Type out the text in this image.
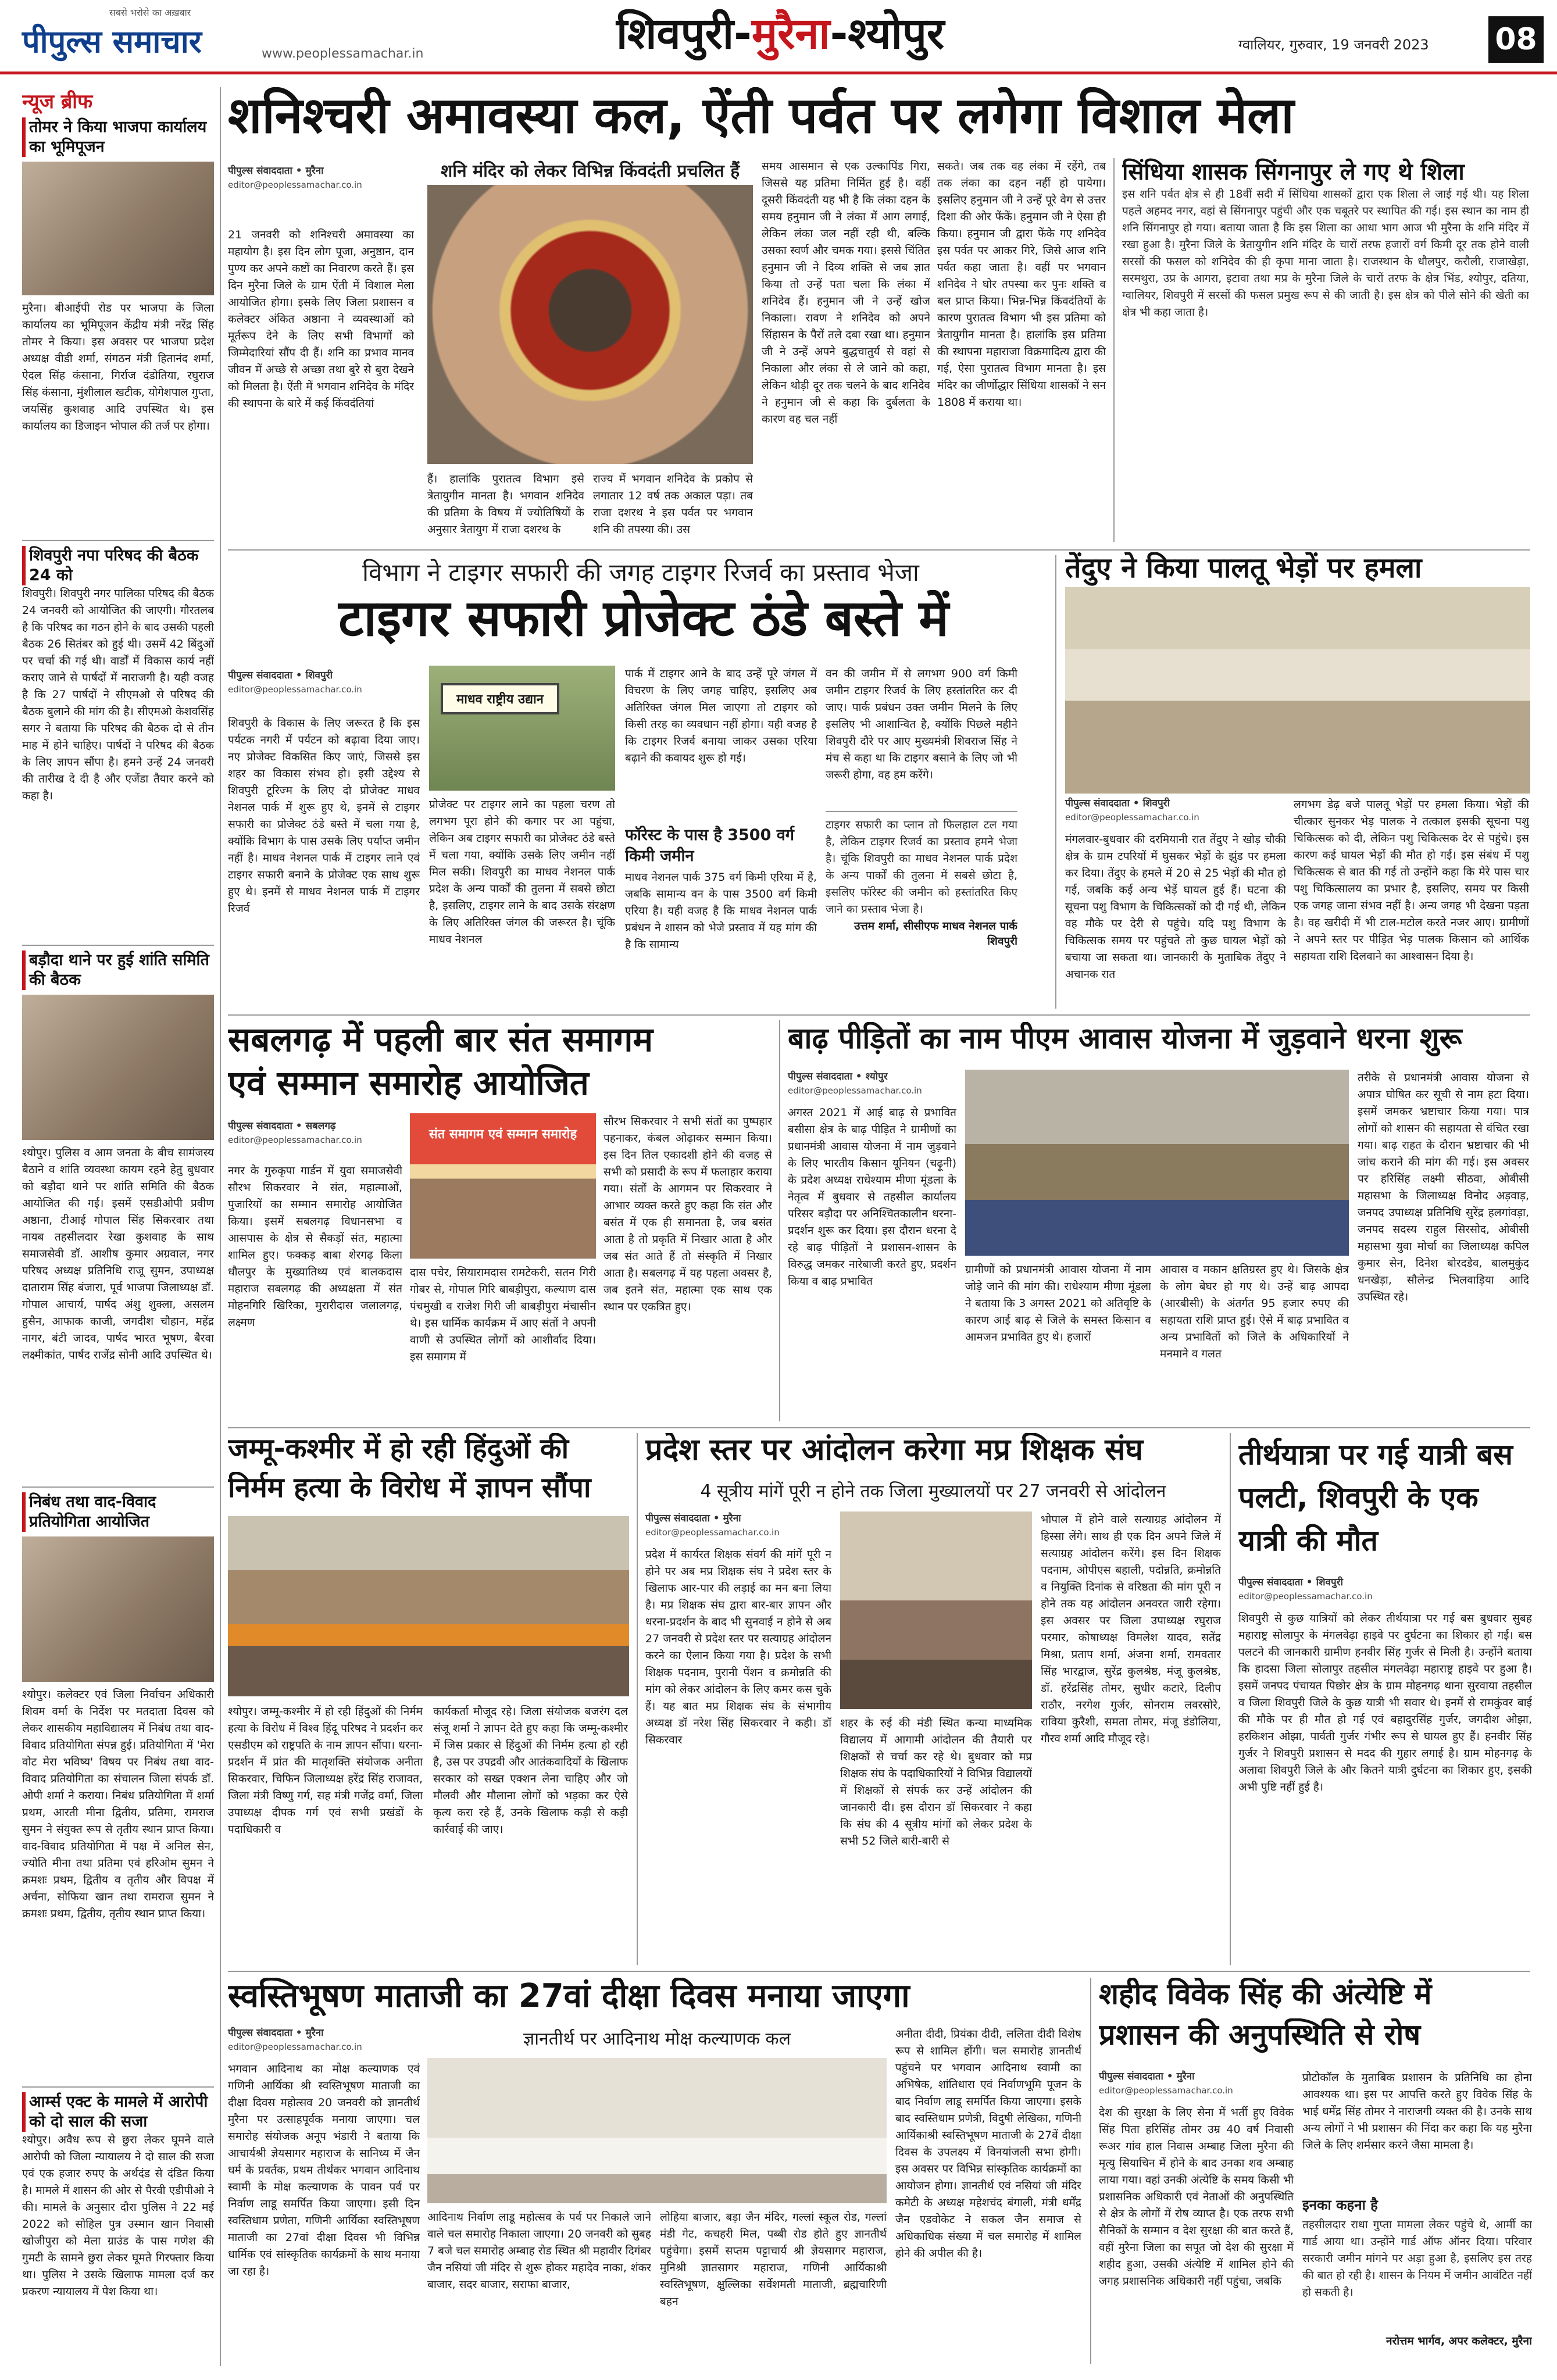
सबसे भरोसे का अख़बार
पीपुल्स समाचार	www.peoplessamachar.in	शिवपुरी-मुरैना-श्योपुर	ग्वालियर, गुरुवार, 19 जनवरी 2023 08
न्यूज ब्रीफ
तोमर ने किया भाजपा कार्यालय का भूमिपूजन
मुरैना। बीआईपी रोड पर भाजपा के जिला कार्यालय का भूमिपूजन केंद्रीय मंत्री नरेंद्र सिंह तोमर ने किया। इस अवसर पर भाजपा प्रदेश अध्यक्ष वीडी शर्मा, संगठन मंत्री हितानंद शर्मा, ऐदल सिंह कंसाना, गिर्राज दंडोतिया, रघुराज सिंह कंसाना, मुंशीलाल खटीक, योगेशपाल गुप्ता, जयसिंह कुशवाह आदि उपस्थित थे। इस कार्यालय का डिजाइन भोपाल की तर्ज पर होगा।
शिवपुरी नपा परिषद की बैठक 24 को
शिवपुरी। शिवपुरी नगर पालिका परिषद की बैठक 24 जनवरी को आयोजित की जाएगी। गौरतलब है कि परिषद का गठन होने के बाद उसकी पहली बैठक 26 सितंबर को हुई थी। उसमें 42 बिंदुओं पर चर्चा की गई थी। वार्डों में विकास कार्य नहीं कराए जाने से पार्षदों में नाराजगी है। यही वजह है कि 27 पार्षदों ने सीएमओ से परिषद की बैठक बुलाने की मांग की है। सीएमओ केशवसिंह सगर ने बताया कि परिषद की बैठक दो से तीन माह में होने चाहिए। पार्षदों ने परिषद की बैठक के लिए ज्ञापन सौंपा है। हमने उन्हें 24 जनवरी की तारीख दे दी है और एजेंडा तैयार करने को कहा है।
बड़ौदा थाने पर हुई शांति समिति की बैठक
श्योपुर। पुलिस व आम जनता के बीच सामंजस्य बैठाने व शांति व्यवस्था कायम रहने हेतु बुधवार को बड़ौदा थाने पर शांति समिति की बैठक आयोजित की गई। इसमें एसडीओपी प्रवीण अष्ठाना, टीआई गोपाल सिंह सिकरवार तथा नायब तहसीलदार रेखा कुशवाह के साथ समाजसेवी डॉ. आशीष कुमार अग्रवाल, नगर परिषद अध्यक्ष प्रतिनिधि राजू सुमन, उपाध्यक्ष दाताराम सिंह बंजारा, पूर्व भाजपा जिलाध्यक्ष डॉ. गोपाल आचार्य, पार्षद अंशु शुक्ला, असलम हुसैन, आफाक काजी, जगदीश चौहान, महेंद्र नागर, बंटी जादव, पार्षद भारत भूषण, बैरवा लक्ष्मीकांत, पार्षद राजेंद्र सोनी आदि उपस्थित थे।
निबंध तथा वाद-विवाद प्रतियोगिता आयोजित
श्योपुर। कलेक्टर एवं जिला निर्वाचन अधिकारी शिवम वर्मा के निर्देश पर मतदाता दिवस को लेकर शासकीय महाविद्यालय में निबंध तथा वाद-विवाद प्रतियोगिता संपन्न हुई। प्रतियोगिता में 'मेरा वोट मेरा भविष्य' विषय पर निबंध तथा वाद-विवाद प्रतियोगिता का संचालन जिला संपर्क डॉ. ओपी शर्मा ने कराया। निबंध प्रतियोगिता में शर्मा प्रथम, आरती मीना द्वितीय, प्रतिमा, रामराज सुमन ने संयुक्त रूप से तृतीय स्थान प्राप्त किया। वाद-विवाद प्रतियोगिता में पक्ष में अनिल सेन, ज्योति मीना तथा प्रतिमा एवं हरिओम सुमन ने क्रमशः प्रथम, द्वितीय व तृतीय और विपक्ष में अर्चना, सोफिया खान तथा रामराज सुमन ने क्रमशः प्रथम, द्वितीय, तृतीय स्थान प्राप्त किया।
आर्म्स एक्ट के मामले में आरोपी को दो साल की सजा
श्योपुर। अवैध रूप से छुरा लेकर घूमने वाले आरोपी को जिला न्यायालय ने दो साल की सजा एवं एक हजार रुपए के अर्थदंड से दंडित किया है। मामले में शासन की ओर से पैरवी एडीपीओ ने की। मामले के अनुसार दौरा पुलिस ने 22 मई 2022 को सोहिल पुत्र उस्मान खान निवासी खोजीपुरा को मेला ग्राउंड के पास गणेश की गुमटी के सामने छुरा लेकर घूमते गिरफ्तार किया था। पुलिस ने उसके खिलाफ मामला दर्ज कर प्रकरण न्यायालय में पेश किया था।
शनिश्चरी अमावस्या कल, ऐंती पर्वत पर लगेगा विशाल मेला
पीपुल्स संवाददाता • मुरैना
editor@peoplessamachar.co.in
21 जनवरी को शनिश्चरी अमावस्या का महायोग है। इस दिन लोग पूजा, अनुष्ठान, दान पुण्य कर अपने कष्टों का निवारण करते हैं। इस दिन मुरैना जिले के ग्राम ऐंती में विशाल मेला आयोजित होगा। इसके लिए जिला प्रशासन व कलेक्टर अंकित अष्ठाना ने व्यवस्थाओं को मूर्तरूप देने के लिए सभी विभागों को जिम्मेदारियां सौंप दी हैं। शनि का प्रभाव मानव जीवन में अच्छे से अच्छा तथा बुरे से बुरा देखने को मिलता है। ऐंती में भगवान शनिदेव के मंदिर की स्थापना के बारे में कई किंवदंतियां
शनि मंदिर को लेकर विभिन्न किंवदंती प्रचलित हैं
हैं। हालांकि पुरातत्व विभाग इसे त्रेतायुगीन मानता है। भगवान शनिदेव की प्रतिमा के विषय में ज्योतिषियों के अनुसार त्रेतायुग में राजा दशरथ के
राज्य में भगवान शनिदेव के प्रकोप से लगातार 12 वर्ष तक अकाल पड़ा। तब राजा दशरथ ने इस पर्वत पर भगवान शनि की तपस्या की। उस
समय आसमान से एक उल्कापिंड गिरा, जिससे यह प्रतिमा निर्मित हुई है। वहीं दूसरी किंवदंती यह भी है कि लंका दहन के समय हनुमान जी ने लंका में आग लगाई, लेकिन लंका जल नहीं रही थी, बल्कि उसका स्वर्ण और चमक गया। इससे चिंतित हनुमान जी ने दिव्य शक्ति से जब ज्ञात किया तो उन्हें पता चला कि लंका में शनिदेव हैं। हनुमान जी ने उन्हें खोज निकाला। रावण ने शनिदेव को अपने सिंहासन के पैरों तले दबा रखा था। हनुमान जी ने उन्हें अपने बुद्धचातुर्य से वहां से निकाला और लंका से ले जाने को कहा, लेकिन थोड़ी दूर तक चलने के बाद शनिदेव ने हनुमान जी से कहा कि दुर्बलता के कारण वह चल नहीं
सकते। जब तक वह लंका में रहेंगे, तब तक लंका का दहन नहीं हो पायेगा। इसलिए हनुमान जी ने उन्हें पूरे वेग से उत्तर दिशा की ओर फेंकें। हनुमान जी ने ऐसा ही किया। हनुमान जी द्वारा फेंके गए शनिदेव इस पर्वत पर आकर गिरे, जिसे आज शनि पर्वत कहा जाता है। वहीं पर भगवान शनिदेव ने घोर तपस्या कर पुनः शक्ति व बल प्राप्त किया। भिन्न-भिन्न किंवदंतियों के कारण पुरातत्व विभाग भी इस प्रतिमा को त्रेतायुगीन मानता है। हालांकि इस प्रतिमा की स्थापना महाराजा विक्रमादित्य द्वारा की गई, ऐसा पुरातत्व विभाग मानता है। इस मंदिर का जीर्णोद्धार सिंधिया शासकों ने सन 1808 में कराया था।
सिंधिया शासक सिंगनापुर ले गए थे शिला
इस शनि पर्वत क्षेत्र से ही 18वीं सदी में सिंधिया शासकों द्वारा एक शिला ले जाई गई थी। यह शिला पहले अहमद नगर, वहां से सिंगनापुर पहुंची और एक चबूतरे पर स्थापित की गई। इस स्थान का नाम ही शनि सिंगनापुर हो गया। बताया जाता है कि इस शिला का आधा भाग आज भी मुरैना के शनि मंदिर में रखा हुआ है। मुरैना जिले के त्रेतायुगीन शनि मंदिर के चारों तरफ हजारों वर्ग किमी दूर तक होने वाली सरसों की फसल को शनिदेव की ही कृपा माना जाता है। राजस्थान के धौलपुर, करौली, राजाखेड़ा, सरमथुरा, उप्र के आगरा, इटावा तथा मप्र के मुरैना जिले के चारों तरफ के क्षेत्र भिंड, श्योपुर, दतिया, ग्वालियर, शिवपुरी में सरसों की फसल प्रमुख रूप से की जाती है। इस क्षेत्र को पीले सोने की खेती का क्षेत्र भी कहा जाता है।
विभाग ने टाइगर सफारी की जगह टाइगर रिजर्व का प्रस्ताव भेजा
टाइगर सफारी प्रोजेक्ट ठंडे बस्ते में
पीपुल्स संवाददाता • शिवपुरी
editor@peoplessamachar.co.in
शिवपुरी के विकास के लिए जरूरत है कि इस पर्यटक नगरी में पर्यटन को बढ़ावा दिया जाए। नए प्रोजेक्ट विकसित किए जाएं, जिससे इस शहर का विकास संभव हो। इसी उद्देश्य से शिवपुरी टूरिज्म के लिए दो प्रोजेक्ट माधव नेशनल पार्क में शुरू हुए थे, इनमें से टाइगर सफारी का प्रोजेक्ट ठंडे बस्ते में चला गया है, क्योंकि विभाग के पास उसके लिए पर्याप्त जमीन नहीं है। माधव नेशनल पार्क में टाइगर लाने एवं टाइगर सफारी बनाने के प्रोजेक्ट एक साथ शुरू हुए थे। इनमें से माधव नेशनल पार्क में टाइगर रिजर्व
माधव राष्ट्रीय उद्यान
प्रोजेक्ट पर टाइगर लाने का पहला चरण तो लगभग पूरा होने की कगार पर आ पहुंचा, लेकिन अब टाइगर सफारी का प्रोजेक्ट ठंडे बस्ते में चला गया, क्योंकि उसके लिए जमीन नहीं मिल सकी। शिवपुरी का माधव नेशनल पार्क प्रदेश के अन्य पार्कों की तुलना में सबसे छोटा है, इसलिए, टाइगर लाने के बाद उसके संरक्षण के लिए अतिरिक्त जंगल की जरूरत है। चूंकि माधव नेशनल
पार्क में टाइगर आने के बाद उन्हें पूरे जंगल में विचरण के लिए जगह चाहिए, इसलिए अब अतिरिक्त जंगल मिल जाएगा तो टाइगर को किसी तरह का व्यवधान नहीं होगा। यही वजह है कि टाइगर रिजर्व बनाया जाकर उसका एरिया बढ़ाने की कवायद शुरू हो गई।
फॉरेस्ट के पास है 3500 वर्ग किमी जमीन
माधव नेशनल पार्क 375 वर्ग किमी एरिया में है, जबकि सामान्य वन के पास 3500 वर्ग किमी एरिया है। यही वजह है कि माधव नेशनल पार्क प्रबंधन ने शासन को भेजे प्रस्ताव में यह मांग की है कि सामान्य
वन की जमीन में से लगभग 900 वर्ग किमी जमीन टाइगर रिजर्व के लिए हस्तांतरित कर दी जाए। पार्क प्रबंधन उक्त जमीन मिलने के लिए इसलिए भी आशान्वित है, क्योंकि पिछले महीने शिवपुरी दौरे पर आए मुख्यमंत्री शिवराज सिंह ने मंच से कहा था कि टाइगर बसाने के लिए जो भी जरूरी होगा, वह हम करेंगे।
टाइगर सफारी का प्लान तो फिलहाल टल गया है, लेकिन टाइगर रिजर्व का प्रस्ताव हमने भेजा है। चूंकि शिवपुरी का माधव नेशनल पार्क प्रदेश के अन्य पार्कों की तुलना में सबसे छोटा है, इसलिए फॉरेस्ट की जमीन को हस्तांतरित किए जाने का प्रस्ताव भेजा है।
उत्तम शर्मा, सीसीएफ माधव नेशनल पार्क शिवपुरी
तेंदुए ने किया पालतू भेड़ों पर हमला
पीपुल्स संवाददाता • शिवपुरी
editor@peoplessamachar.co.in
मंगलवार-बुधवार की दरमियानी रात तेंदुए ने खोड़ चौकी क्षेत्र के ग्राम टपरियों में घुसकर भेड़ों के झुंड पर हमला कर दिया। तेंदुए के हमले में 20 से 25 भेड़ों की मौत हो गई, जबकि कई अन्य भेड़ें घायल हुई हैं। घटना की सूचना पशु विभाग के चिकित्सकों को दी गई थी, लेकिन वह मौके पर देरी से पहुंचे। यदि पशु विभाग के चिकित्सक समय पर पहुंचते तो कुछ घायल भेड़ों को बचाया जा सकता था। जानकारी के मुताबिक तेंदुए ने अचानक रात
लगभग डेढ़ बजे पालतू भेड़ों पर हमला किया। भेड़ों की चीत्कार सुनकर भेड़ पालक ने तत्काल इसकी सूचना पशु चिकित्सक को दी, लेकिन पशु चिकित्सक देर से पहुंचे। इस कारण कई घायल भेड़ों की मौत हो गई। इस संबंध में पशु चिकित्सक से बात की गई तो उन्होंने कहा कि मेरे पास चार पशु चिकित्सालय का प्रभार है, इसलिए, समय पर किसी एक जगह जाना संभव नहीं है। अन्य जगह भी देखना पड़ता है। वह खरीदी में भी टाल-मटोल करते नजर आए। ग्रामीणों ने अपने स्तर पर पीड़ित भेड़ पालक किसान को आर्थिक सहायता राशि दिलवाने का आश्वासन दिया है।
सबलगढ़ में पहली बार संत समागम
एवं सम्मान समारोह आयोजित
पीपुल्स संवाददाता • सबलगढ़
editor@peoplessamachar.co.in
नगर के गुरुकृपा गार्डन में युवा समाजसेवी सौरभ सिकरवार ने संत, महात्माओं, पुजारियों का सम्मान समारोह आयोजित किया। इसमें सबलगढ़ विधानसभा व आसपास के क्षेत्र से सैकड़ों संत, महात्मा शामिल हुए। फक्कड़ बाबा शेरगढ़ किला धौलपुर के मुख्यातिथ्य एवं बालकदास महाराज सबलगढ़ की अध्यक्षता में संत मोहनगिरि खिरिका, मुरारीदास जलालगढ़, लक्ष्मण
संत समागम एवं सम्मान समारोह
दास पचेर, सियारामदास रामटेकरी, सतन गिरी गोबर से, गोपाल गिरि बाबड़ीपुरा, कल्याण दास पंचमुखी व राजेश गिरी जी बाबड़ीपुरा मंचासीन थे। इस धार्मिक कार्यक्रम में आए संतों ने अपनी वाणी से उपस्थित लोगों को आशीर्वाद दिया। इस समागम में
सौरभ सिकरवार ने सभी संतों का पुष्पहार पहनाकर, कंबल ओढ़ाकर सम्मान किया। इस दिन तिल एकादशी होने की वजह से सभी को प्रसादी के रूप में फलाहार कराया गया। संतों के आगमन पर सिकरवार ने आभार व्यक्त करते हुए कहा कि संत और बसंत में एक ही समानता है, जब बसंत आता है तो प्रकृति में निखार आता है और जब संत आते हैं तो संस्कृति में निखार आता है। सबलगढ़ में यह पहला अवसर है, जब इतने संत, महात्मा एक साथ एक स्थान पर एकत्रित हुए।
बाढ़ पीड़ितों का नाम पीएम आवास योजना में जुड़वाने धरना शुरू
पीपुल्स संवाददाता • श्योपुर
editor@peoplessamachar.co.in
अगस्त 2021 में आई बाढ़ से प्रभावित बसीसा क्षेत्र के बाढ़ पीड़ित ने ग्रामीणों का प्रधानमंत्री आवास योजना में नाम जुड़वाने के लिए भारतीय किसान यूनियन (चढ़ूनी) के प्रदेश अध्यक्ष राधेश्याम मीणा मूंडला के नेतृत्व में बुधवार से तहसील कार्यालय परिसर बड़ौदा पर अनिश्चितकालीन धरना-प्रदर्शन शुरू कर दिया। इस दौरान धरना दे रहे बाढ़ पीड़ितों ने प्रशासन-शासन के विरुद्ध जमकर नारेबाजी करते हुए, प्रदर्शन किया व बाढ़ प्रभावित
ग्रामीणों को प्रधानमंत्री आवास योजना में नाम जोड़े जाने की मांग की। राधेश्याम मीणा मूंडला ने बताया कि 3 अगस्त 2021 को अतिवृष्टि के कारण आई बाढ़ से जिले के समस्त किसान व आमजन प्रभावित हुए थे। हजारों
आवास व मकान क्षतिग्रस्त हुए थे। जिसके क्षेत्र के लोग बेघर हो गए थे। उन्हें बाढ़ आपदा (आरबीसी) के अंतर्गत 95 हजार रुपए की सहायता राशि प्राप्त हुई। ऐसे में बाढ़ प्रभावित व अन्य प्रभावितों को जिले के अधिकारियों ने मनमाने व गलत
तरीके से प्रधानमंत्री आवास योजना से अपात्र घोषित कर सूची से नाम हटा दिया। इसमें जमकर भ्रष्टाचार किया गया। पात्र लोगों को शासन की सहायता से वंचित रखा गया। बाढ़ राहत के दौरान भ्रष्टाचार की भी जांच कराने की मांग की गई। इस अवसर पर हरिसिंह लक्ष्मी सीठवा, ओबीसी महासभा के जिलाध्यक्ष विनोद अड़वाड़, जनपद उपाध्यक्ष प्रतिनिधि सुरेंद्र हलगांवड़ा, जनपद सदस्य राहुल सिरसोद, ओबीसी महासभा युवा मोर्चा का जिलाध्यक्ष कपिल कुमार सेन, दिनेश बोरदडेव, बालमुकुंद धनखेड़ा, सौलेन्द्र भिलवाड़िया आदि उपस्थित रहे।
जम्मू-कश्मीर में हो रही हिंदुओं की
निर्मम हत्या के विरोध में ज्ञापन सौंपा
श्योपुर। जम्मू-कश्मीर में हो रही हिंदुओं की निर्मम हत्या के विरोध में विश्व हिंदू परिषद ने प्रदर्शन कर एसडीएम को राष्ट्रपति के नाम ज्ञापन सौंपा। धरना-प्रदर्शन में प्रांत की मातृशक्ति संयोजक अनीता सिकरवार, चिफिन जिलाध्यक्ष हरेंद्र सिंह राजावत, जिला मंत्री विष्णु गर्ग, सह मंत्री गजेंद्र वर्मा, जिला उपाध्यक्ष दीपक गर्ग एवं सभी प्रखंडों के पदाधिकारी व
कार्यकर्ता मौजूद रहे। जिला संयोजक बजरंग दल संजू शर्मा ने ज्ञापन देते हुए कहा कि जम्मू-कश्मीर में जिस प्रकार से हिंदुओं की निर्मम हत्या हो रही है, उस पर उपद्रवी और आतंकवादियों के खिलाफ सरकार को सख्त एक्शन लेना चाहिए और जो मौलवी और मौलाना लोगों को भड़का कर ऐसे कृत्य करा रहे हैं, उनके खिलाफ कड़ी से कड़ी कार्रवाई की जाए।
प्रदेश स्तर पर आंदोलन करेगा मप्र शिक्षक संघ
4 सूत्रीय मांगें पूरी न होने तक जिला मुख्यालयों पर 27 जनवरी से आंदोलन
पीपुल्स संवाददाता • मुरैना
editor@peoplessamachar.co.in
प्रदेश में कार्यरत शिक्षक संवर्ग की मांगें पूरी न होने पर अब मप्र शिक्षक संघ ने प्रदेश स्तर के खिलाफ आर-पार की लड़ाई का मन बना लिया है। मप्र शिक्षक संघ द्वारा बार-बार ज्ञापन और धरना-प्रदर्शन के बाद भी सुनवाई न होने से अब 27 जनवरी से प्रदेश स्तर पर सत्याग्रह आंदोलन करने का ऐलान किया गया है। प्रदेश के सभी शिक्षक पदनाम, पुरानी पेंशन व क्रमोन्नति की मांग को लेकर आंदोलन के लिए कमर कस चुके हैं। यह बात मप्र शिक्षक संघ के संभागीय अध्यक्ष डॉ नरेश सिंह सिकरवार ने कही। डॉ सिकरवार
शहर के रुई की मंडी स्थित कन्या माध्यमिक विद्यालय में आगामी आंदोलन की तैयारी पर शिक्षकों से चर्चा कर रहे थे। बुधवार को मप्र शिक्षक संघ के पदाधिकारियों ने विभिन्न विद्यालयों में शिक्षकों से संपर्क कर उन्हें आंदोलन की जानकारी दी। इस दौरान डॉ सिकरवार ने कहा कि संघ की 4 सूत्रीय मांगों को लेकर प्रदेश के सभी 52 जिले बारी-बारी से
भोपाल में होने वाले सत्याग्रह आंदोलन में हिस्सा लेंगे। साथ ही एक दिन अपने जिले में सत्याग्रह आंदोलन करेंगे। इस दिन शिक्षक पदनाम, ओपीएस बहाली, पदोन्नति, क्रमोन्नति व नियुक्ति दिनांक से वरिष्ठता की मांग पूरी न होने तक यह आंदोलन अनवरत जारी रहेगा। इस अवसर पर जिला उपाध्यक्ष रघुराज परमार, कोषाध्यक्ष विमलेश यादव, सतेंद्र मिश्रा, प्रताप शर्मा, अंजना शर्मा, रामवतार सिंह भारद्वाज, सुरेंद्र कुलश्रेष्ठ, मंजू कुलश्रेष्ठ, डॉ. हरेंद्रसिंह तोमर, सुधीर कटारे, दिलीप राठौर, नरगेश गुर्जर, सोनराम लवरसोरे, राविया कुरैशी, समता तोमर, मंजू डंडोलिया, गौरव शर्मा आदि मौजूद रहे।
तीर्थयात्रा पर गई यात्री बस पलटी, शिवपुरी के एक यात्री की मौत
पीपुल्स संवाददाता • शिवपुरी
editor@peoplessamachar.co.in
शिवपुरी से कुछ यात्रियों को लेकर तीर्थयात्रा पर गई बस बुधवार सुबह महाराष्ट्र सोलापुर के मंगलवेढ़ा हाइवे पर दुर्घटना का शिकार हो गई। बस पलटने की जानकारी ग्रामीण हनवीर सिंह गुर्जर से मिली है। उन्होंने बताया कि हादसा जिला सोलापुर तहसील मंगलवेढ़ा महाराष्ट्र हाइवे पर हुआ है। इसमें जनपद पंचायत पिछोर क्षेत्र के ग्राम मोहनगढ़ थाना सुरवाया तहसील व जिला शिवपुरी जिले के कुछ यात्री भी सवार थे। इनमें से रामकुंवर बाई की मौके पर ही मौत हो गई एवं बहादुरसिंह गुर्जर, जगदीश ओझा, हरकिशन ओझा, पार्वती गुर्जर गंभीर रूप से घायल हुए हैं। हनवीर सिंह गुर्जर ने शिवपुरी प्रशासन से मदद की गुहार लगाई है। ग्राम मोहनगढ़ के अलावा शिवपुरी जिले के और कितने यात्री दुर्घटना का शिकार हुए, इसकी अभी पुष्टि नहीं हुई है।
स्वस्तिभूषण माताजी का 27वां दीक्षा दिवस मनाया जाएगा
ज्ञानतीर्थ पर आदिनाथ मोक्ष कल्याणक कल
पीपुल्स संवाददाता • मुरैना
editor@peoplessamachar.co.in
भगवान आदिनाथ का मोक्ष कल्याणक एवं गणिनी आर्यिका श्री स्वस्तिभूषण माताजी का दीक्षा दिवस महोत्सव 20 जनवरी को ज्ञानतीर्थ मुरैना पर उत्साहपूर्वक मनाया जाएगा। चल समारोह संयोजक अनूप भंडारी ने बताया कि आचार्यश्री ज्ञेयसागर महाराज के सानिध्य में जैन धर्म के प्रवर्तक, प्रथम तीर्थंकर भगवान आदिनाथ स्वामी के मोक्ष कल्याणक के पावन पर्व पर निर्वाण लाडू समर्पित किया जाएगा। इसी दिन स्वस्तिधाम प्रणेता, गणिनी आर्यिका स्वस्तिभूषण माताजी का 27वां दीक्षा दिवस भी विभिन्न धार्मिक एवं सांस्कृतिक कार्यक्रमों के साथ मनाया जा रहा है।
आदिनाथ निर्वाण लाडू महोत्सव के पर्व पर निकाले जाने वाले चल समारोह निकाला जाएगा। 20 जनवरी को सुबह 7 बजे चल समारोह अम्बाह रोड स्थित श्री महावीर दिगंबर जैन नसियां जी मंदिर से शुरू होकर महादेव नाका, शंकर बाजार, सदर बाजार, सराफा बाजार,
लोहिया बाजार, बड़ा जैन मंदिर, गल्लां स्कूल रोड, गल्लां मंडी गेट, कचहरी मिल, पब्बी रोड होते हुए ज्ञानतीर्थ पहुंचेगा। इसमें सप्तम पट्टाचार्य श्री ज्ञेयसागर महाराज, मुनिश्री ज्ञातसागर महाराज, गणिनी आर्यिकाश्री स्वस्तिभूषण, क्षुल्लिका सर्वेशमती माताजी, ब्रह्मचारिणी बहन
अनीता दीदी, प्रियंका दीदी, ललिता दीदी विशेष रूप से शामिल होंगी। चल समारोह ज्ञानतीर्थ पहुंचने पर भगवान आदिनाथ स्वामी का अभिषेक, शांतिधारा एवं निर्वाणभूमि पूजन के बाद निर्वाण लाडू समर्पित किया जाएगा। इसके बाद स्वस्तिधाम प्रणेत्री, विदुषी लेखिका, गणिनी आर्यिकाश्री स्वस्तिभूषण माताजी के 27वें दीक्षा दिवस के उपलक्ष्य में विनयांजली सभा होगी। इस अवसर पर विभिन्न सांस्कृतिक कार्यक्रमों का आयोजन होगा। ज्ञानतीर्थ एवं नसियां जी मंदिर कमेटी के अध्यक्ष महेशचंद बंगाली, मंत्री धर्मेंद्र जैन एडवोकेट ने सकल जैन समाज से अधिकाधिक संख्या में चल समारोह में शामिल होने की अपील की है।
शहीद विवेक सिंह की अंत्येष्टि में
प्रशासन की अनुपस्थिति से रोष
पीपुल्स संवाददाता • मुरैना
editor@peoplessamachar.co.in
देश की सुरक्षा के लिए सेना में भर्ती हुए विवेक सिंह पिता हरिसिंह तोमर उम्र 40 वर्ष निवासी रूअर गांव हाल निवास अम्बाह जिला मुरैना की मृत्यु सियाचिन में होने के बाद उनका शव अम्बाह लाया गया। वहां उनकी अंत्येष्टि के समय किसी भी प्रशासनिक अधिकारी एवं नेताओं की अनुपस्थिति से क्षेत्र के लोगों में रोष व्याप्त है। एक तरफ सभी सैनिकों के सम्मान व देश सुरक्षा की बात करते हैं, वहीं मुरैना जिला का सपूत जो देश की सुरक्षा में शहीद हुआ, उसकी अंत्येष्टि में शामिल होने की जगह प्रशासनिक अधिकारी नहीं पहुंचा, जबकि
प्रोटोकॉल के मुताबिक प्रशासन के प्रतिनिधि का होना आवश्यक था। इस पर आपत्ति करते हुए विवेक सिंह के भाई धर्मेंद्र सिंह तोमर ने नाराजगी व्यक्त की है। उनके साथ अन्य लोगों ने भी प्रशासन की निंदा कर कहा कि यह मुरैना जिले के लिए शर्मसार करने जैसा मामला है।
इनका कहना है
तहसीलदार राधा गुप्ता मामला लेकर पहुंचे थे, आर्मी का गार्ड आया था। उन्होंने गार्ड ऑफ ऑनर दिया। परिवार सरकारी जमीन मांगने पर अड़ा हुआ है, इसलिए इस तरह की बात हो रही है। शासन के नियम में जमीन आवंटित नहीं हो सकती है।
नरोत्तम भार्गव, अपर कलेक्टर, मुरैना
